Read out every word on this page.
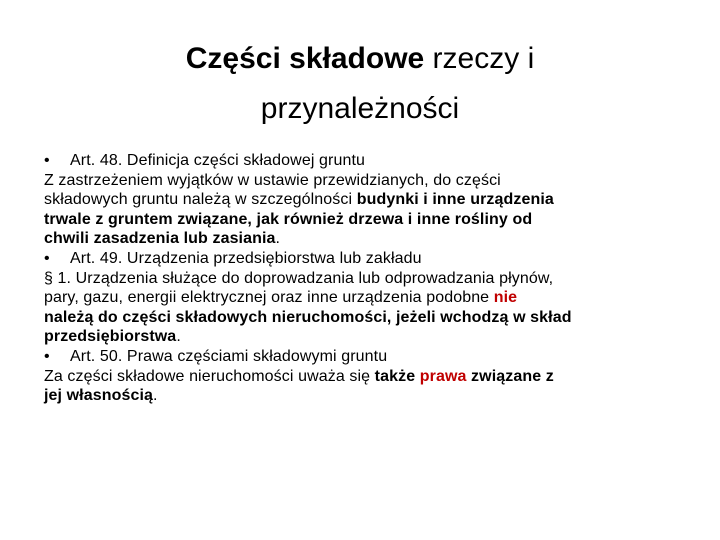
Części składowe rzeczy i
przynależności
• Art. 48. Definicja części składowej gruntu
Z zastrzeżeniem wyjątków w ustawie przewidzianych, do części
składowych gruntu należą w szczególności budynki i inne urządzenia
trwale z gruntem związane, jak również drzewa i inne rośliny od
chwili zasadzenia lub zasiania.
• Art. 49. Urządzenia przedsiębiorstwa lub zakładu
§ 1. Urządzenia służące do doprowadzania lub odprowadzania płynów,
pary, gazu, energii elektrycznej oraz inne urządzenia podobne nie
należą do części składowych nieruchomości, jeżeli wchodzą w skład
przedsiębiorstwa.
• Art. 50. Prawa częściami składowymi gruntu
Za części składowe nieruchomości uważa się także prawa związane z
jej własnością.
